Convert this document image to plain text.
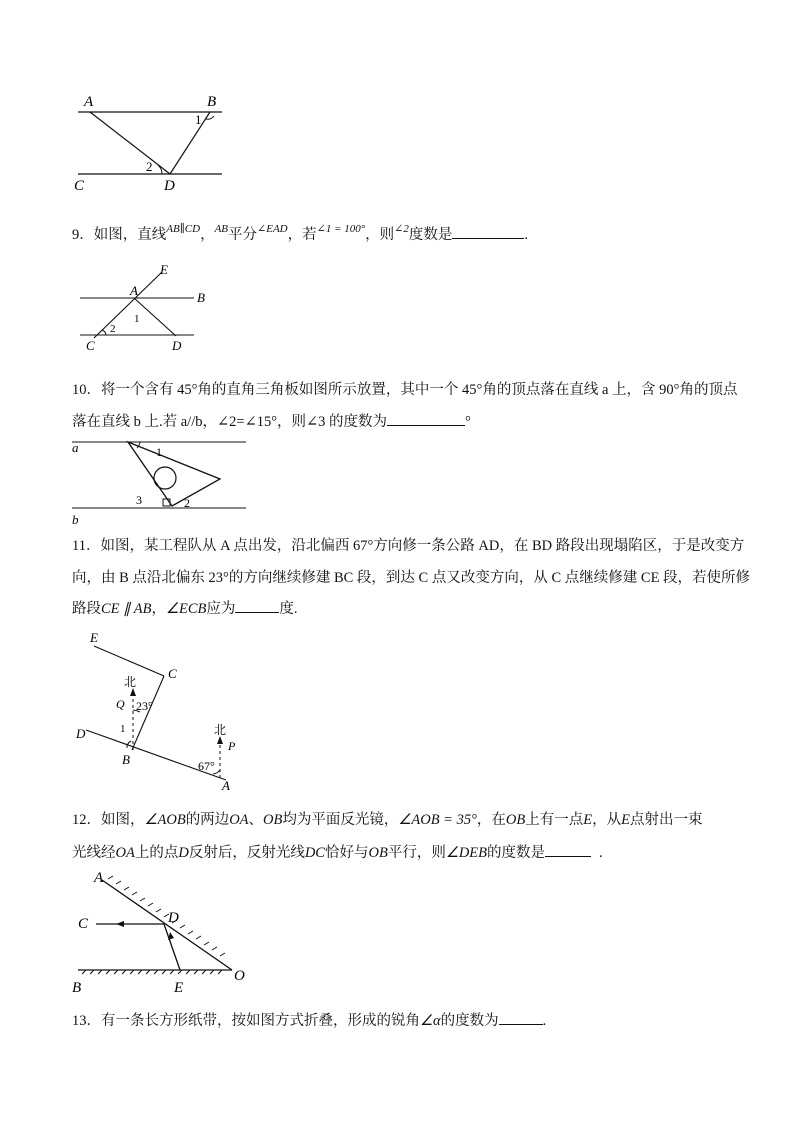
A	B
1
2
C	D
9．如图，直线$^{AB\parallel CD}$，$^{AB}$平分$^{\angle EAD}$，若$^{\angle 1 = 100^\circ}$，则$^{\angle 2}$度数是	.
E
A	B
1
2
C	D
10．将一个含有 45°角的直角三角板如图所示放置，其中一个 45°角的顶点落在直线 a 上，含 90°角的顶点
落在直线 b 上.若 a//b，∠2=∠15°，则∠3 的度数为	°
a	1
3	2
b
11．如图，某工程队从 A 点出发，沿北偏西 67°方向修一条公路 AD，在 BD 路段出现塌陷区，于是改变方
向，由 B 点沿北偏东 23°的方向继续修建 BC 段，到达 C 点又改变方向，从 C 点继续修建 CE 段，若使所修
路段CE ∥ AB，∠ECB应为	度.
E
C
北
Q 23°
1
D
B
北
P
67°
A
12．如图，∠AOB的两边OA、OB均为平面反光镜，∠AOB = 35°，在OB上有一点E，从E点射出一束
光线经OA上的点D反射后，反射光线DC恰好与OB平行，则∠DEB的度数是	.
A
C	D
B	E
O
13．有一条长方形纸带，按如图方式折叠，形成的锐角∠α的度数为	.
